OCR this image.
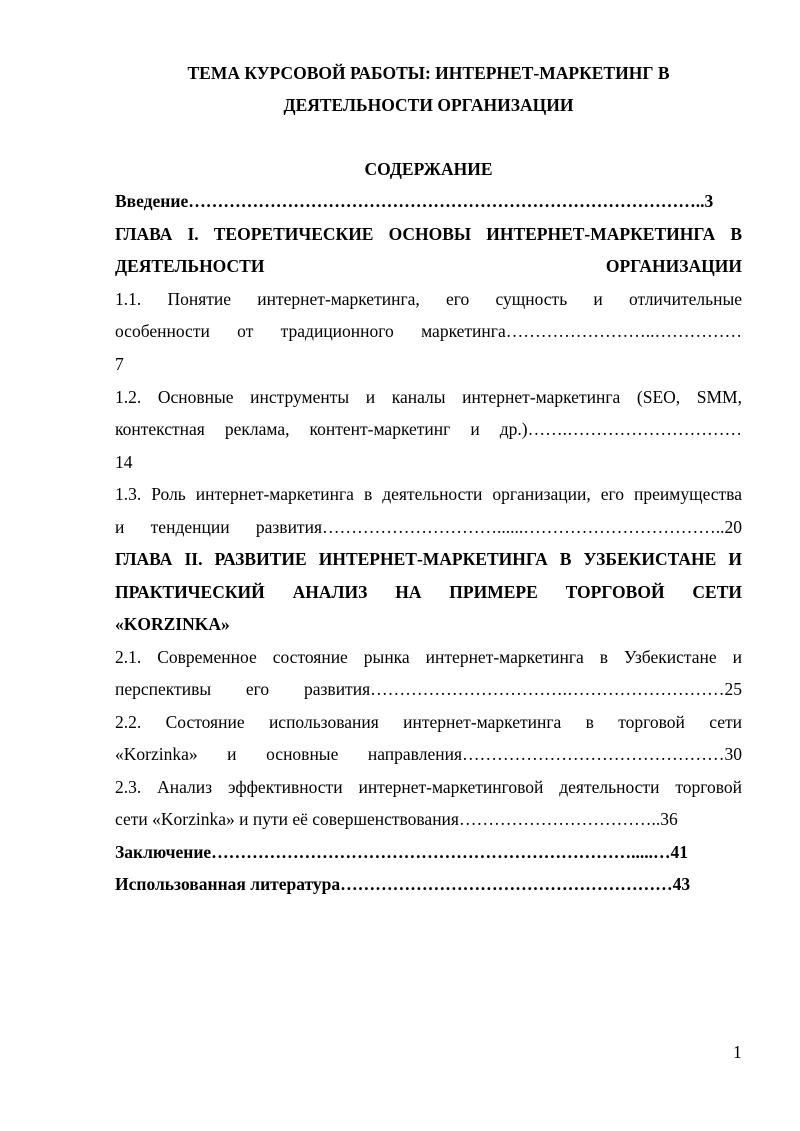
ТЕМА КУРСОВОЙ РАБОТЫ: ИНТЕРНЕТ-МАРКЕТИНГ В
ДЕЯТЕЛЬНОСТИ ОРГАНИЗАЦИИ
СОДЕРЖАНИЕ
Введение……………………………………………………………………………..3
ГЛАВА I. ТЕОРЕТИЧЕСКИЕ ОСНОВЫ ИНТЕРНЕТ-МАРКЕТИНГА В
ДЕЯТЕЛЬНОСТИ ОРГАНИЗАЦИИ
1.1. Понятие интернет-маркетинга, его сущность и отличительные
особенности от традиционного маркетинга……………………..……………
7
1.2. Основные инструменты и каналы интернет-маркетинга (SEO, SMM,
контекстная реклама, контент-маркетинг и др.)…….…………………………
14
1.3. Роль интернет-маркетинга в деятельности организации, его преимущества
и тенденции развития…………………………......……………………………..20
ГЛАВА II. РАЗВИТИЕ ИНТЕРНЕТ-МАРКЕТИНГА В УЗБЕКИСТАНЕ И
ПРАКТИЧЕСКИЙ АНАЛИЗ НА ПРИМЕРЕ ТОРГОВОЙ СЕТИ
«KORZINKA»
2.1. Современное состояние рынка интернет-маркетинга в Узбекистане и
перспективы его развития…………………………….………………………25
2.2. Состояние использования интернет-маркетинга в торговой сети
«Korzinka» и основные направления………………………………………30
2.3. Анализ эффективности интернет-маркетинговой деятельности торговой
сети «Korzinka» и пути её совершенствования……………………………..36
Заключение……………………………………………………………….....…41
Использованная литература…………………………………………………43
1
